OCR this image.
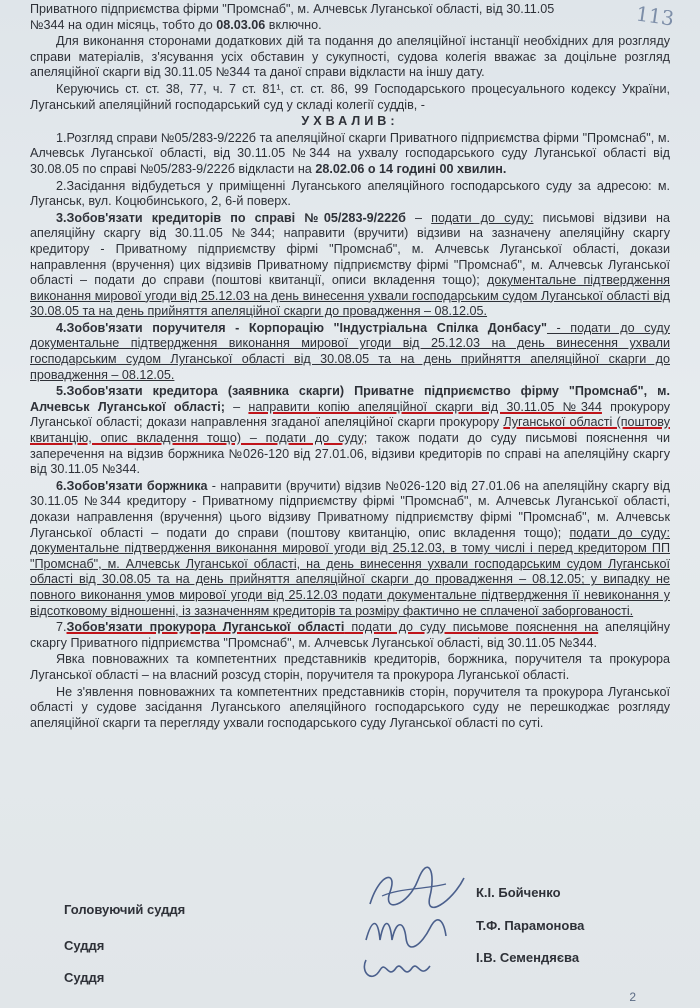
113

Приватного підприємства фірми "Промснаб", м. Алчевськ Луганської області, від 30.11.05
№344 на один місяць, тобто до 08.03.06 включно.

Для виконання сторонами додаткових дій та подання до апеляційної інстанції необхідних для розгляду справи матеріалів, з'ясування усіх обставин у сукупності, судова колегія вважає за доцільне розгляд апеляційної скарги від 30.11.05 №344 та даної справи відкласти на іншу дату.

Керуючись ст. ст. 38, 77, ч. 7 ст. 81¹, ст. ст. 86, 99 Господарського процесуального кодексу України, Луганський апеляційний господарський суд у складі колегії суддів, -

УХВАЛИВ:

1.Розгляд справи №05/283-9/222б та апеляційної скарги Приватного підприємства фірми "Промснаб", м. Алчевськ Луганської області, від 30.11.05 №344 на ухвалу господарського суду Луганської області від 30.08.05 по справі №05/283-9/222б відкласти на 28.02.06 о 14 годині 00 хвилин.

2.Засідання відбудеться у приміщенні Луганського апеляційного господарського суду за адресою: м. Луганськ, вул. Коцюбинського, 2, 6-й поверх.

3.Зобов'язати кредиторів по справі №05/283-9/222б – подати до суду: письмові відзиви на апеляційну скаргу від 30.11.05 №344; направити (вручити) відзиви на зазначену апеляційну скаргу кредитору - Приватному підприємству фірмі "Промснаб", м. Алчевськ Луганської області, докази направлення (вручення) цих відзивів Приватному підприємству фірмі "Промснаб", м. Алчевськ Луганської області – подати до справи (поштові квитанції, описи вкладення тощо); документальне підтвердження виконання мирової угоди від 25.12.03 на день винесення ухвали господарським судом Луганської області від 30.08.05 та на день прийняття апеляційної скарги до провадження – 08.12.05.

4.Зобов'язати поручителя - Корпорацію "Індустріальна Спілка Донбасу" - подати до суду документальне підтвердження виконання мирової угоди від 25.12.03 на день винесення ухвали господарським судом Луганської області від 30.08.05 та на день прийняття апеляційної скарги до провадження – 08.12.05.

5.Зобов'язати кредитора (заявника скарги) Приватне підприємство фірму "Промснаб", м. Алчевськ Луганської області; – направити копію апеляційної скарги від 30.11.05 №344 прокурору Луганської області; докази направлення згаданої апеляційної скарги прокурору Луганської області (поштову квитанцію, опис вкладення тощо) – подати до суду; також подати до суду письмові пояснення чи заперечення на відзив боржника №026-120 від 27.01.06, відзиви кредиторів по справі на апеляційну скаргу від 30.11.05 №344.

6.Зобов'язати боржника - направити (вручити) відзив №026-120 від 27.01.06 на апеляційну скаргу від 30.11.05 №344 кредитору - Приватному підприємству фірмі "Промснаб", м. Алчевськ Луганської області, докази направлення (вручення) цього відзиву Приватному підприємству фірмі "Промснаб", м. Алчевськ Луганської області – подати до справи (поштову квитанцію, опис вкладення тощо); подати до суду: документальне підтвердження виконання мирової угоди від 25.12.03, в тому числі і перед кредитором ПП "Промснаб", м. Алчевськ Луганської області, на день винесення ухвали господарським судом Луганської області від 30.08.05 та на день прийняття апеляційної скарги до провадження – 08.12.05; у випадку не повного виконання умов мирової угоди від 25.12.03 подати документальне підтвердження її невиконання у відсотковому відношенні, із зазначенням кредиторів та розміру фактично не сплаченої заборгованості.

7.Зобов'язати прокурора Луганської області подати до суду письмове пояснення на апеляційну скаргу Приватного підприємства "Промснаб", м. Алчевськ Луганської області, від 30.11.05 №344.

Явка повноважних та компетентних представників кредиторів, боржника, поручителя та прокурора Луганської області – на власний розсуд сторін, поручителя та прокурора Луганської області.

Не з'явлення повноважних та компетентних представників сторін, поручителя та прокурора Луганської області у судове засідання Луганського апеляційного господарського суду не перешкоджає розгляду апеляційної скарги та перегляду ухвали господарського суду Луганської області по суті.

Головуючий суддя
Суддя
Суддя
К.І. Бойченко
Т.Ф. Парамонова
І.В. Семендяєва
2
